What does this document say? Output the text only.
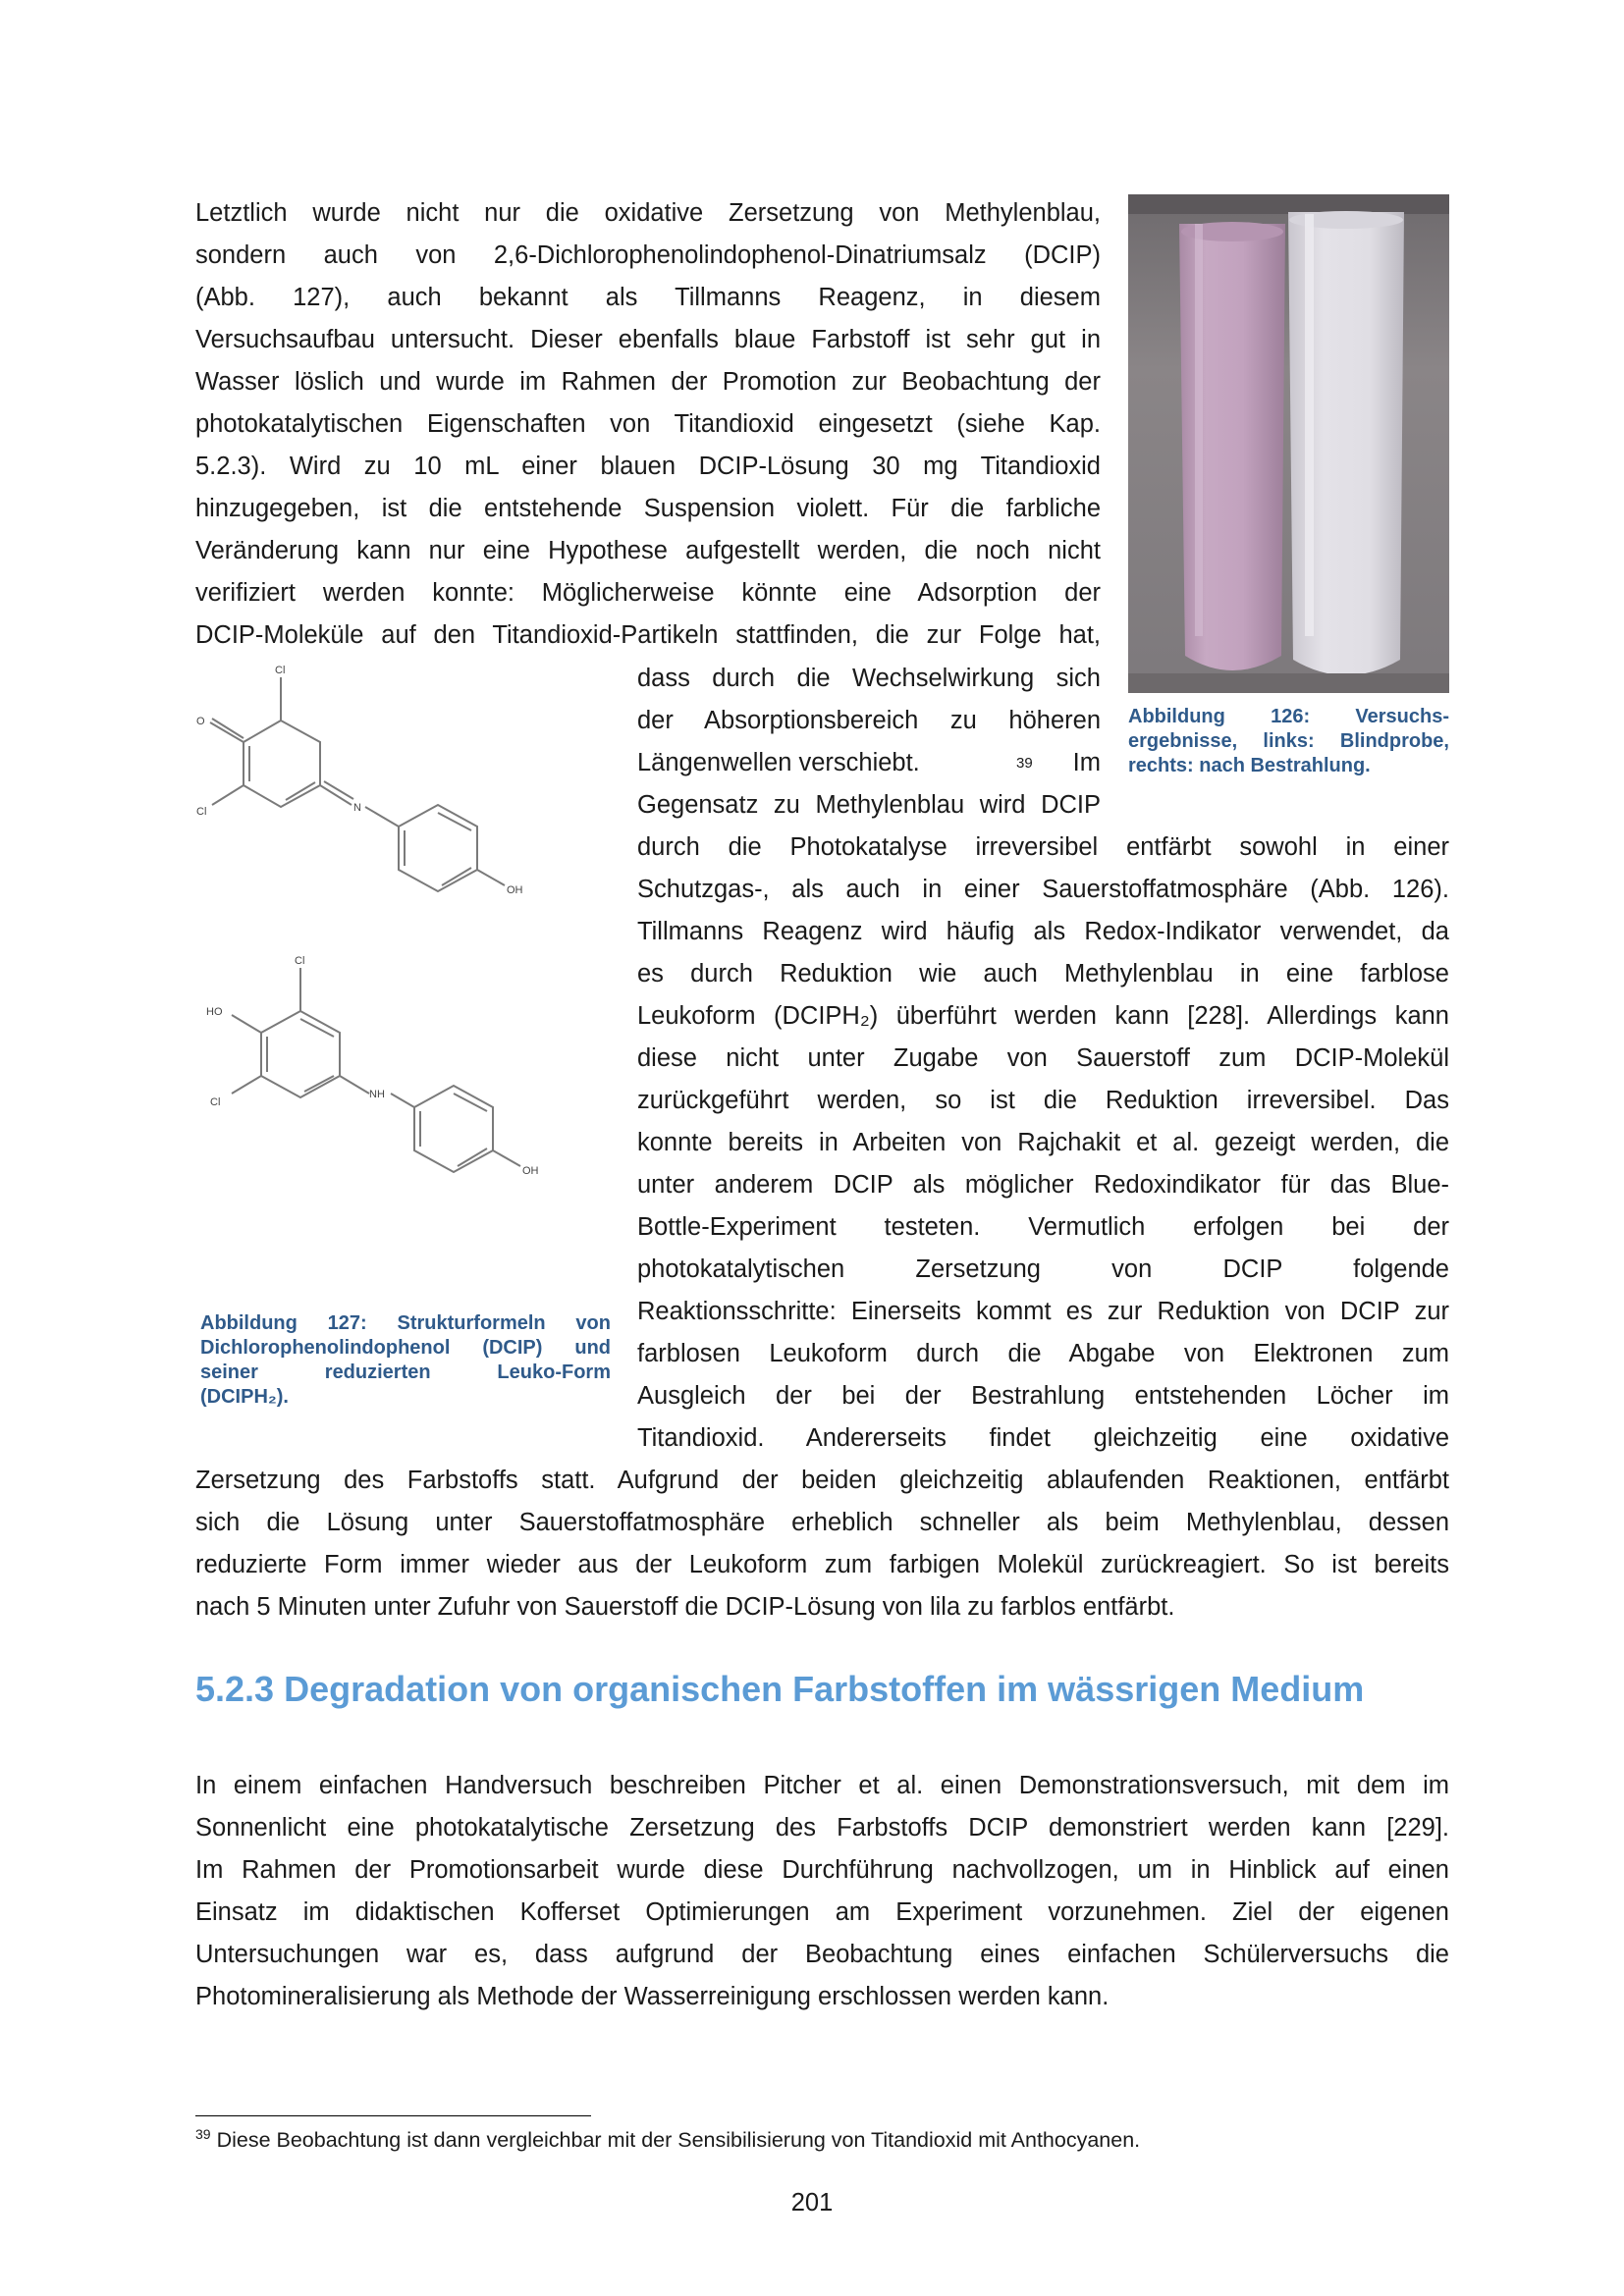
Letztlich wurde nicht nur die oxidative Zersetzung von Methylenblau,
sondern auch von 2,6-Dichlorophenolindophenol-Dinatriumsalz (DCIP)
(Abb. 127), auch bekannt als Tillmanns Reagenz, in diesem
Versuchsaufbau untersucht. Dieser ebenfalls blaue Farbstoff ist sehr gut in
Wasser löslich und wurde im Rahmen der Promotion zur Beobachtung der
photokatalytischen Eigenschaften von Titandioxid eingesetzt (siehe Kap.
5.2.3). Wird zu 10 mL einer blauen DCIP-Lösung 30 mg Titandioxid
hinzugegeben, ist die entstehende Suspension violett. Für die farbliche
Veränderung kann nur eine Hypothese aufgestellt werden, die noch nicht
verifiziert werden konnte: Möglicherweise könnte eine Adsorption der
DCIP-Moleküle auf den Titandioxid-Partikeln stattfinden, die zur Folge hat,
Abbildung 126: Versuchs-
ergebnisse, links: Blindprobe,
rechts: nach Bestrahlung.
Cl
O
Cl	N
OH
Cl
HO
Cl
NH
OH
Abbildung 127: Strukturformeln von
Dichlorophenolindophenol (DCIP) und
seiner reduzierten Leuko-Form
(DCIPH₂).
dass durch die Wechselwirkung sich
der Absorptionsbereich zu höheren
Längenwellen verschiebt.	39 Im
Gegensatz zu Methylenblau wird DCIP
durch die Photokatalyse irreversibel entfärbt sowohl in einer
Schutzgas-, als auch in einer Sauerstoffatmosphäre (Abb. 126).
Tillmanns Reagenz wird häufig als Redox-Indikator verwendet, da
es durch Reduktion wie auch Methylenblau in eine farblose
Leukoform (DCIPH₂) überführt werden kann [228]. Allerdings kann
diese nicht unter Zugabe von Sauerstoff zum DCIP-Molekül
zurückgeführt werden, so ist die Reduktion irreversibel. Das
konnte bereits in Arbeiten von Rajchakit et al. gezeigt werden, die
unter anderem DCIP als möglicher Redoxindikator für das Blue-
Bottle-Experiment testeten. Vermutlich erfolgen bei der
photokatalytischen Zersetzung von DCIP folgende
Reaktionsschritte: Einerseits kommt es zur Reduktion von DCIP zur
farblosen Leukoform durch die Abgabe von Elektronen zum
Ausgleich der bei der Bestrahlung entstehenden Löcher im
Titandioxid. Andererseits findet gleichzeitig eine oxidative
Zersetzung des Farbstoffs statt. Aufgrund der beiden gleichzeitig ablaufenden Reaktionen, entfärbt
sich die Lösung unter Sauerstoffatmosphäre erheblich schneller als beim Methylenblau, dessen
reduzierte Form immer wieder aus der Leukoform zum farbigen Molekül zurückreagiert. So ist bereits
nach 5 Minuten unter Zufuhr von Sauerstoff die DCIP-Lösung von lila zu farblos entfärbt.
5.2.3 Degradation von organischen Farbstoffen im wässrigen Medium
In einem einfachen Handversuch beschreiben Pitcher et al. einen Demonstrationsversuch, mit dem im
Sonnenlicht eine photokatalytische Zersetzung des Farbstoffs DCIP demonstriert werden kann [229].
Im Rahmen der Promotionsarbeit wurde diese Durchführung nachvollzogen, um in Hinblick auf einen
Einsatz im didaktischen Kofferset Optimierungen am Experiment vorzunehmen. Ziel der eigenen
Untersuchungen war es, dass aufgrund der Beobachtung eines einfachen Schülerversuchs die
Photomineralisierung als Methode der Wasserreinigung erschlossen werden kann.
$^{39}$ Diese Beobachtung ist dann vergleichbar mit der Sensibilisierung von Titandioxid mit Anthocyanen.
201
